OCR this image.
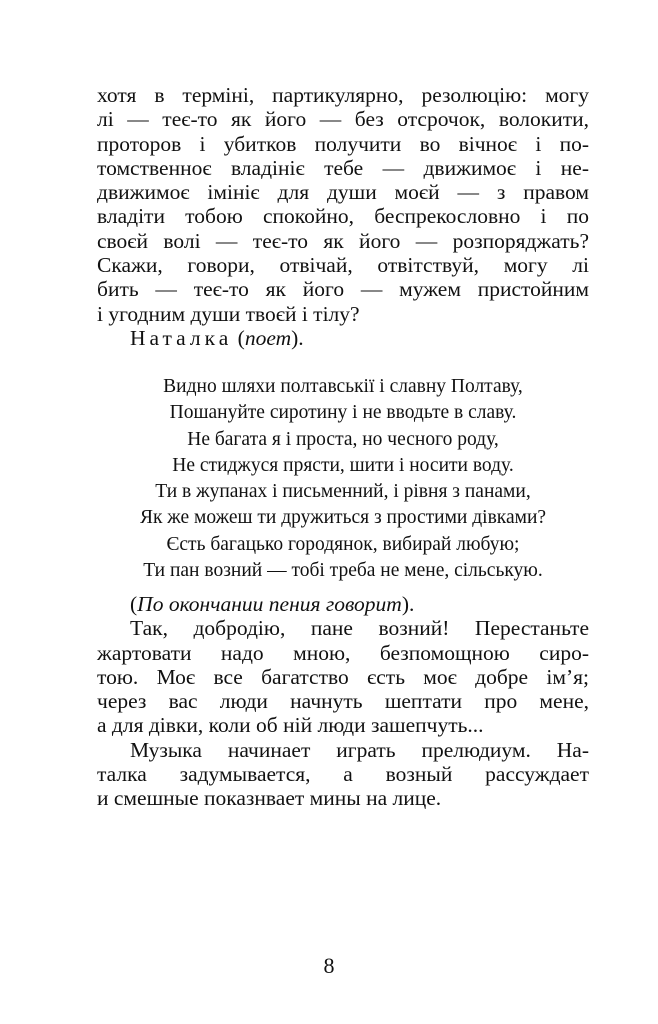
хотя в терміні, партикулярно, резолюцію: могу
лі — теє-то як його — без отсрочок, волокити,
проторов і убитков получити во вічноє і по-
томственноє владініє тебе — движимоє і не-
движимоє імініє для души моєй — з правом
владіти тобою спокойно, беспрекословно і по
своєй волі — теє-то як його — розпоряджать?
Скажи, говори, отвічай, отвітствуй, могу лі
бить — теє-то як його — мужем пристойним
і угодним души твоєй і тілу?
Наталка (поет).
Видно шляхи полтавськії і славну Полтаву,
Пошануйте сиротину і не вводьте в славу.
Не багата я і проста, но чесного роду,
Не стиджуся прясти, шити і носити воду.
Ти в жупанах і письменний, і рівня з панами,
Як же можеш ти дружиться з простими дівками?
Єсть багацько городянок, вибирай любую;
Ти пан возний — тобі треба не мене, сільськую.
(По окончании пения говорит).
Так, добродію, пане возний! Перестаньте
жартовати надо мною, безпомощною сиро-
тою. Моє все багатство єсть моє добре ім’я;
через вас люди начнуть шептати про мене,
а для дівки, коли об ній люди зашепчуть...
Музыка начинает играть прелюдиум. На-
талка задумывается, а возный рассуждает
и смешные показнвает мины на лице.
8
